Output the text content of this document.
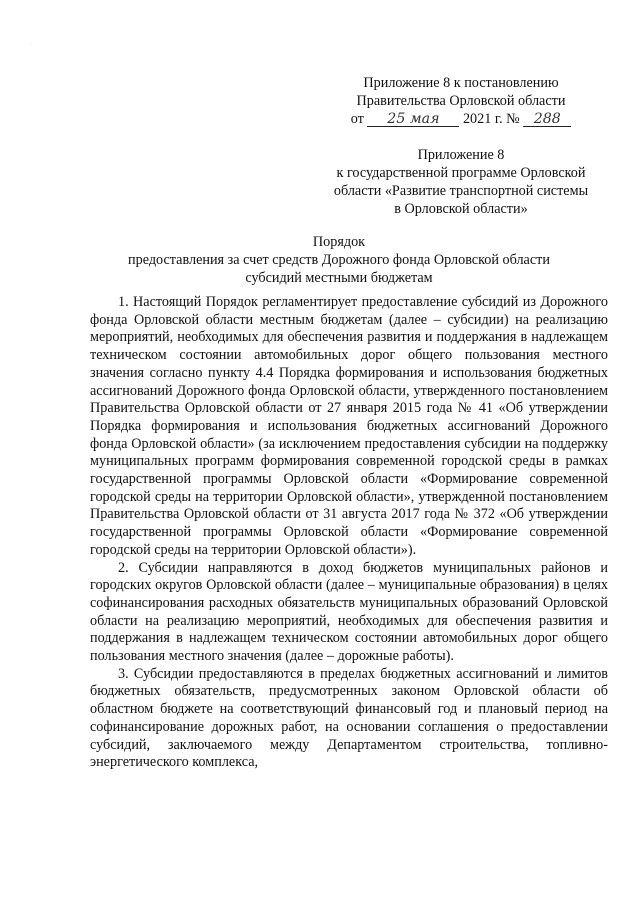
·
Приложение 8 к постановлению
Правительства Орловской области
от 25 мая 2021 г. № 288
Приложение 8
к государственной программе Орловской
области «Развитие транспортной системы
в Орловской области»
Порядок
предоставления за счет средств Дорожного фонда Орловской области
субсидий местными бюджетам

1. Настоящий Порядок регламентирует предоставление субсидий из Дорожного фонда Орловской области местным бюджетам (далее – субсидии) на реализацию мероприятий, необходимых для обеспечения развития и поддержания в надлежащем техническом состоянии автомобильных дорог общего пользования местного значения согласно пункту 4.4 Порядка формирования и использования бюджетных ассигнований Дорожного фонда Орловской области, утвержденного постановлением Правительства Орловской области от 27 января 2015 года № 41 «Об утверждении Порядка формирования и использования бюджетных ассигнований Дорожного фонда Орловской области» (за исключением предоставления субсидии на поддержку муниципальных программ формирования современной городской среды в рамках государственной программы Орловской области «Формирование современной городской среды на территории Орловской области», утвержденной постановлением Правительства Орловской области от 31 августа 2017 года № 372 «Об утверждении государственной программы Орловской области «Формирование современной городской среды на территории Орловской области»).

2. Субсидии направляются в доход бюджетов муниципальных районов и городских округов Орловской области (далее – муниципальные образования) в целях софинансирования расходных обязательств муниципальных образований Орловской области на реализацию мероприятий, необходимых для обеспечения развития и поддержания в надлежащем техническом состоянии автомобильных дорог общего пользования местного значения (далее – дорожные работы).

3. Субсидии предоставляются в пределах бюджетных ассигнований и лимитов бюджетных обязательств, предусмотренных законом Орловской области об областном бюджете на соответствующий финансовый год и плановый период на софинансирование дорожных работ, на основании соглашения о предоставлении субсидий, заключаемого между Департаментом строительства, топливно-энергетического комплекса,
